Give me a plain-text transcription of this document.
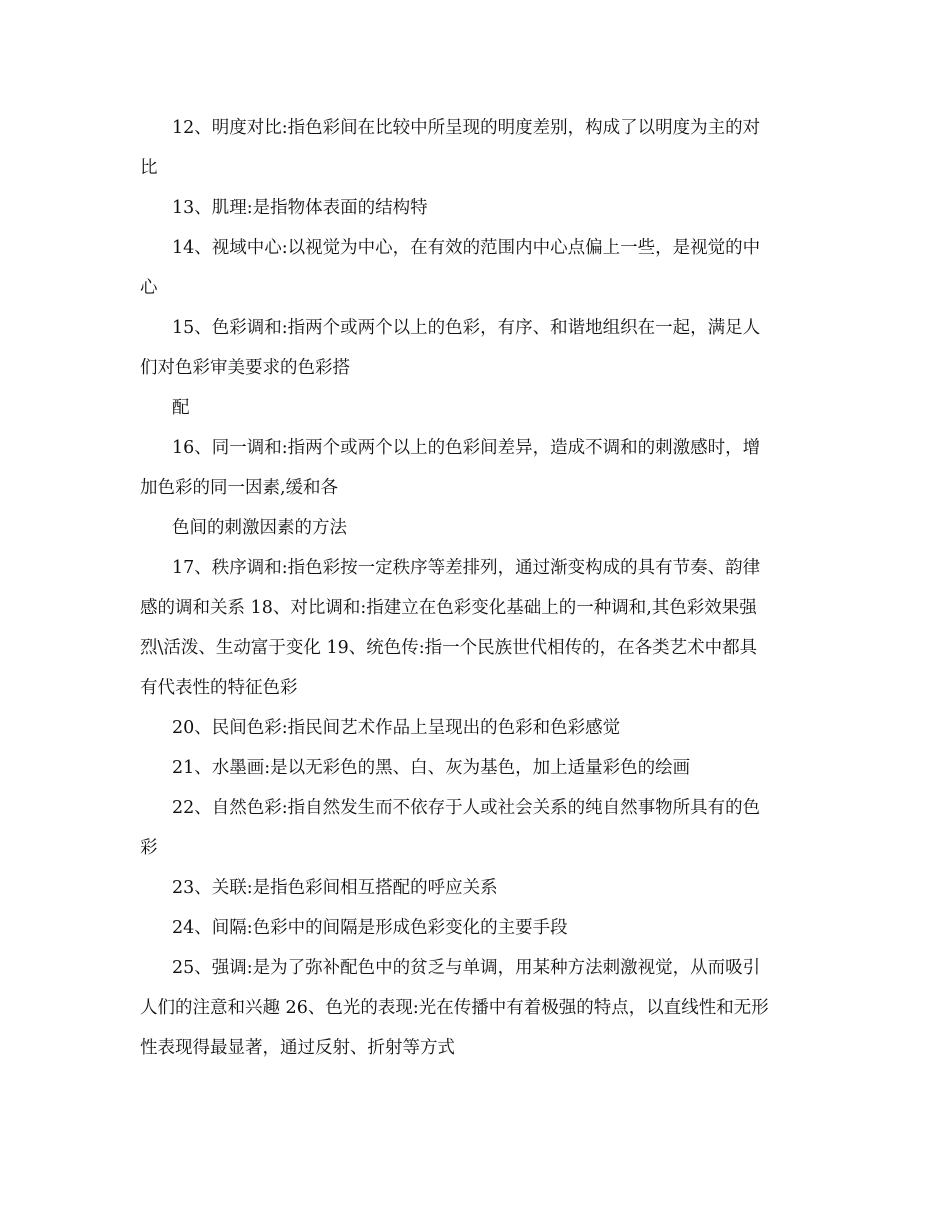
12、明度对比:指色彩间在比较中所呈现的明度差别，构成了以明度为主的对
比

13、肌理:是指物体表面的结构特

14、视域中心:以视觉为中心，在有效的范围内中心点偏上一些，是视觉的中
心

15、色彩调和:指两个或两个以上的色彩，有序、和谐地组织在一起，满足人
们对色彩审美要求的色彩搭
配

16、同一调和:指两个或两个以上的色彩间差异，造成不调和的刺激感时，增
加色彩的同一因素,缓和各
色间的刺激因素的方法

17、秩序调和:指色彩按一定秩序等差排列，通过渐变构成的具有节奏、韵律
感的调和关系 18、对比调和:指建立在色彩变化基础上的一种调和,其色彩效果强
烈\活泼、生动富于变化 19、统色传:指一个民族世代相传的，在各类艺术中都具
有代表性的特征色彩

20、民间色彩:指民间艺术作品上呈现出的色彩和色彩感觉

21、水墨画:是以无彩色的黑、白、灰为基色，加上适量彩色的绘画

22、自然色彩:指自然发生而不依存于人或社会关系的纯自然事物所具有的色
彩

23、关联:是指色彩间相互搭配的呼应关系

24、间隔:色彩中的间隔是形成色彩变化的主要手段

25、强调:是为了弥补配色中的贫乏与单调，用某种方法刺激视觉，从而吸引
人们的注意和兴趣 26、色光的表现:光在传播中有着极强的特点，以直线性和无形
性表现得最显著，通过反射、折射等方式
